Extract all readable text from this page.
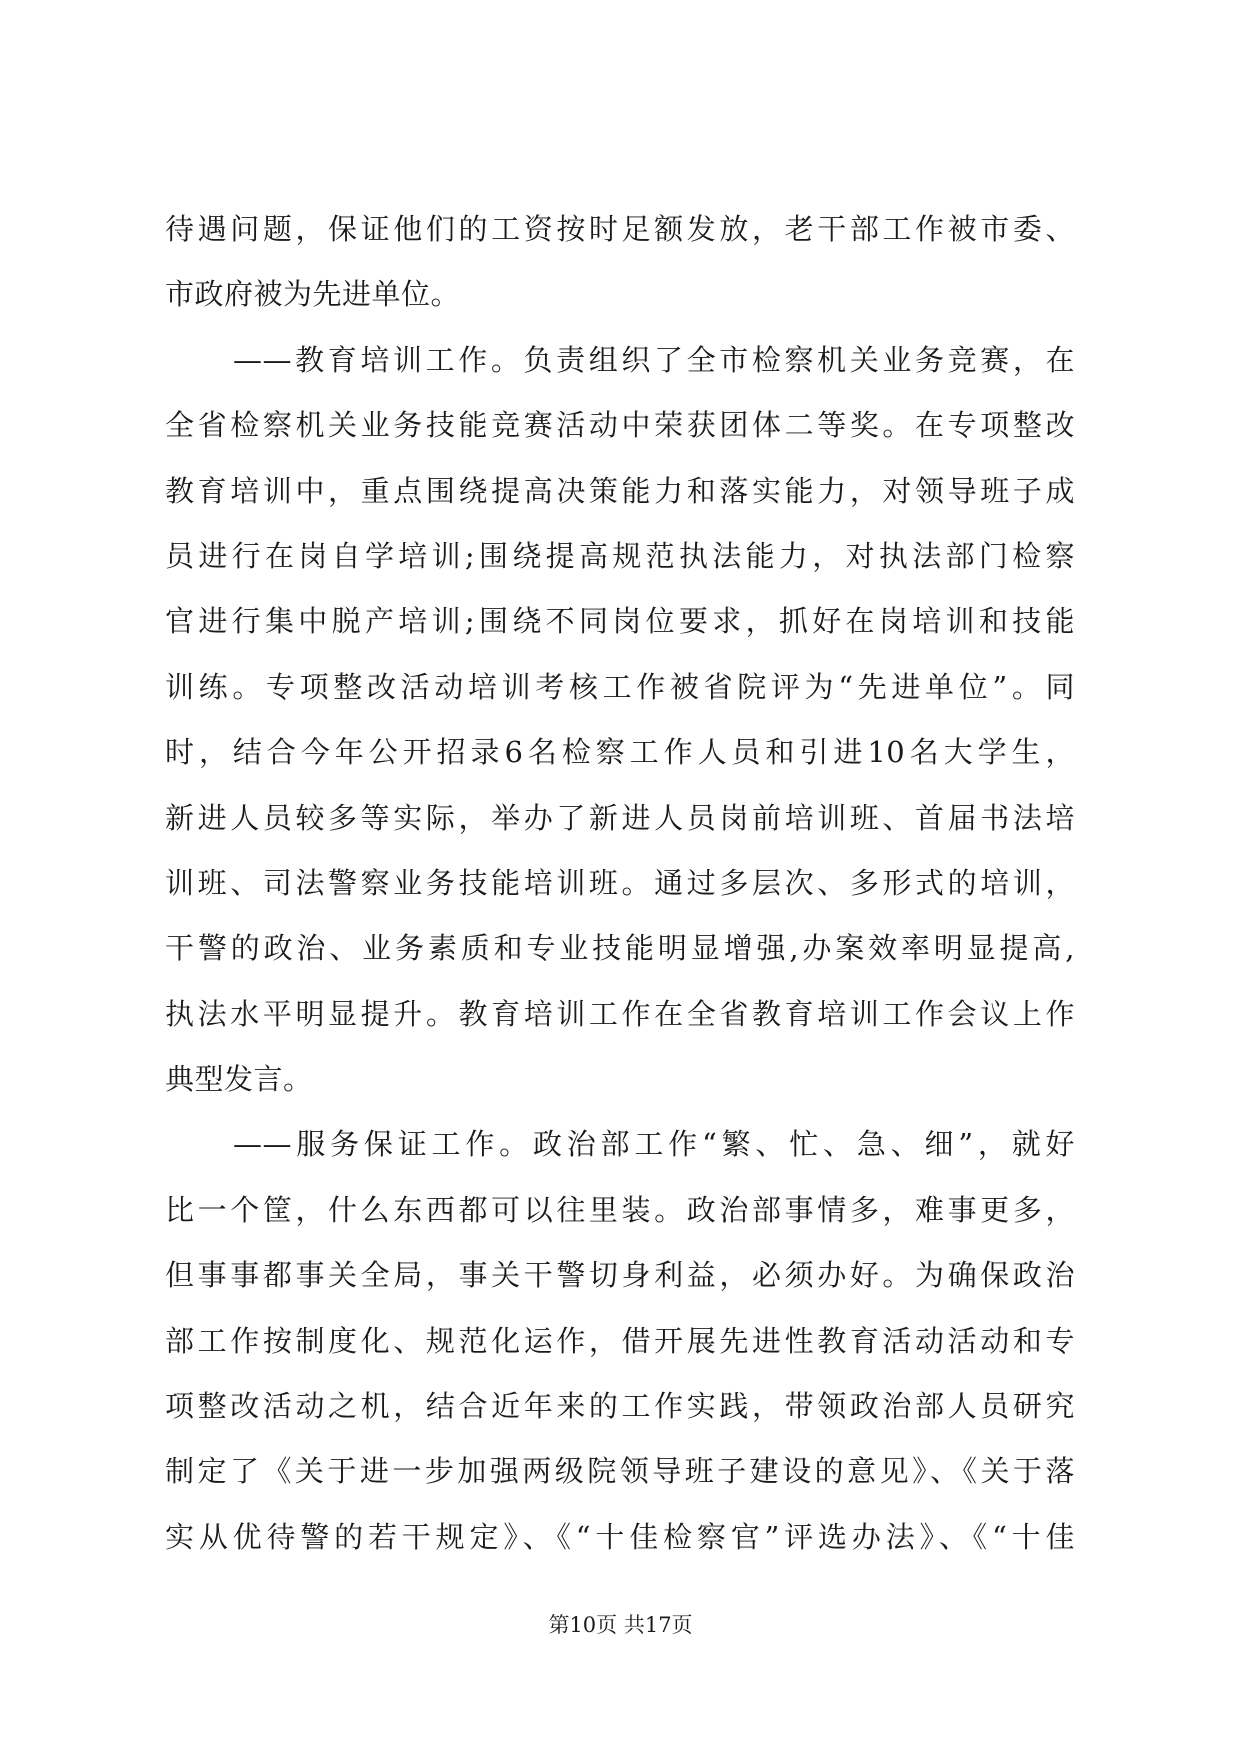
待遇问题，保证他们的工资按时足额发放，老干部工作被市委、
市政府被为先进单位。
——教育培训工作。负责组织了全市检察机关业务竞赛，在
全省检察机关业务技能竞赛活动中荣获团体二等奖。在专项整改
教育培训中，重点围绕提高决策能力和落实能力，对领导班子成
员进行在岗自学培训;围绕提高规范执法能力，对执法部门检察
官进行集中脱产培训;围绕不同岗位要求，抓好在岗培训和技能
训练。专项整改活动培训考核工作被省院评为“先进单位”。同
时，结合今年公开招录6名检察工作人员和引进10名大学生，
新进人员较多等实际，举办了新进人员岗前培训班、首届书法培
训班、司法警察业务技能培训班。通过多层次、多形式的培训，
干警的政治、业务素质和专业技能明显增强,办案效率明显提高,
执法水平明显提升。教育培训工作在全省教育培训工作会议上作
典型发言。
——服务保证工作。政治部工作“繁、忙、急、细”，就好
比一个筐，什么东西都可以往里装。政治部事情多，难事更多，
但事事都事关全局，事关干警切身利益，必须办好。为确保政治
部工作按制度化、规范化运作，借开展先进性教育活动活动和专
项整改活动之机，结合近年来的工作实践，带领政治部人员研究
制定了《关于进一步加强两级院领导班子建设的意见》、《关于落
实从优待警的若干规定》、《“十佳检察官”评选办法》、《“十佳
第10页 共17页
